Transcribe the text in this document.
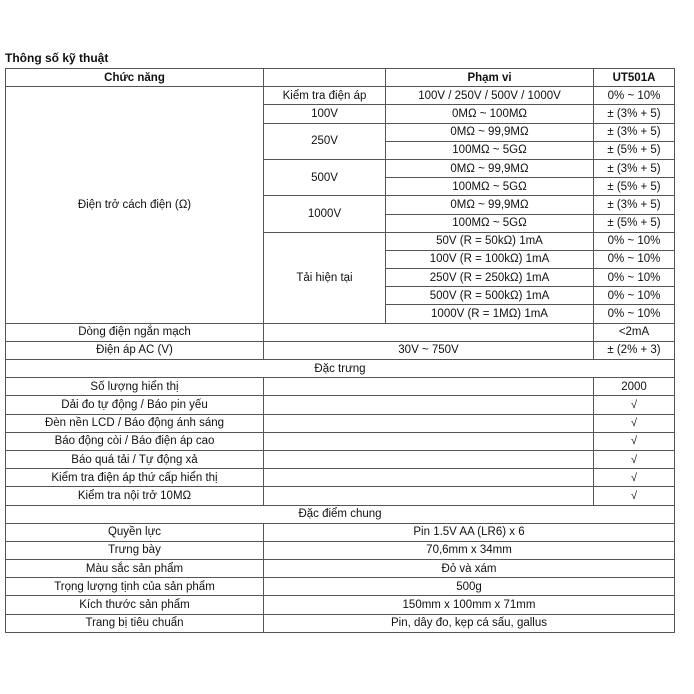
Thông số kỹ thuật
Chức năng		Phạm vi	UT501A
Điện trở cách điện (Ω)	Kiểm tra điện áp	100V / 250V / 500V / 1000V	0% ~ 10%
	100V	0MΩ ~ 100MΩ	± (3% + 5)
	250V	0MΩ ~ 99,9MΩ	± (3% + 5)
		100MΩ ~ 5GΩ	± (5% + 5)
	500V	0MΩ ~ 99,9MΩ	± (3% + 5)
		100MΩ ~ 5GΩ	± (5% + 5)
	1000V	0MΩ ~ 99,9MΩ	± (3% + 5)
		100MΩ ~ 5GΩ	± (5% + 5)
	Tải hiện tại	50V (R = 50kΩ) 1mA	0% ~ 10%
		100V (R = 100kΩ) 1mA	0% ~ 10%
		250V (R = 250kΩ) 1mA	0% ~ 10%
		500V (R = 500kΩ) 1mA	0% ~ 10%
		1000V (R = 1MΩ) 1mA	0% ~ 10%
Dòng điện ngắn mạch			<2mA
Điện áp AC (V)	30V ~ 750V		± (2% + 3)
Đặc trưng			
Số lượng hiển thị			2000
Dải đo tự động / Báo pin yếu			√
Đèn nền LCD / Báo động ánh sáng			√
Báo động còi / Báo điện áp cao			√
Báo quá tải / Tự động xả			√
Kiểm tra điện áp thứ cấp hiển thị			√
Kiểm tra nội trở 10MΩ			√
Đặc điểm chung			
Quyền lực	Pin 1.5V AA (LR6) x 6		
Trưng bày	70,6mm x 34mm		
Màu sắc sản phẩm	Đỏ và xám		
Trọng lượng tịnh của sản phẩm	500g		
Kích thước sản phẩm	150mm x 100mm x 71mm		
Trang bị tiêu chuẩn	Pin, dây đo, kẹp cá sấu, gallus		
